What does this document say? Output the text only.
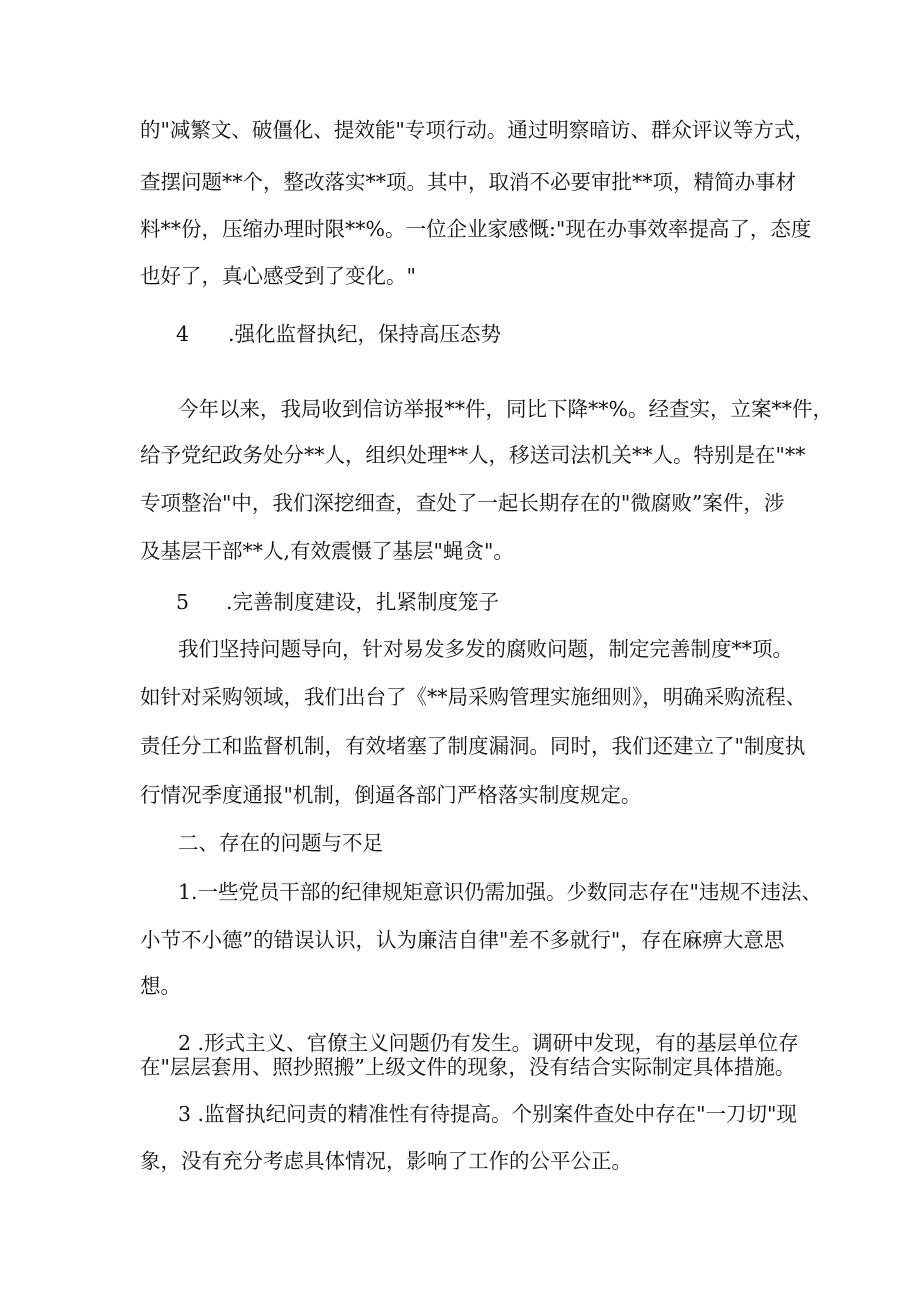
的"减繁文、破僵化、提效能"专项行动。通过明察暗访、群众评议等方式，

查摆问题**个，整改落实**项。其中，取消不必要审批**项，精简办事材

料**份，压缩办理时限**%。一位企业家感慨:"现在办事效率提高了，态度

也好了，真心感受到了变化。"

4 .强化监督执纪，保持高压态势

今年以来，我局收到信访举报**件，同比下降**%。经查实，立案**件，

给予党纪政务处分**人，组织处理**人，移送司法机关**人。特别是在"**

专项整治"中，我们深挖细查，查处了一起长期存在的"微腐败”案件，涉

及基层干部**人,有效震慑了基层"蝇贪"。

5 .完善制度建设，扎紧制度笼子

我们坚持问题导向，针对易发多发的腐败问题，制定完善制度**项。

如针对采购领域，我们出台了《**局采购管理实施细则》，明确采购流程、

责任分工和监督机制，有效堵塞了制度漏洞。同时，我们还建立了"制度执

行情况季度通报"机制，倒逼各部门严格落实制度规定。

二、存在的问题与不足

1.一些党员干部的纪律规矩意识仍需加强。少数同志存在"违规不违法、

小节不小德”的错误认识，认为廉洁自律"差不多就行"，存在麻痹大意思

想。

2 .形式主义、官僚主义问题仍有发生。调研中发现，有的基层单位存

在"层层套用、照抄照搬”上级文件的现象，没有结合实际制定具体措施。

3 .监督执纪问责的精准性有待提高。个别案件查处中存在"一刀切"现

象，没有充分考虑具体情况，影响了工作的公平公正。
